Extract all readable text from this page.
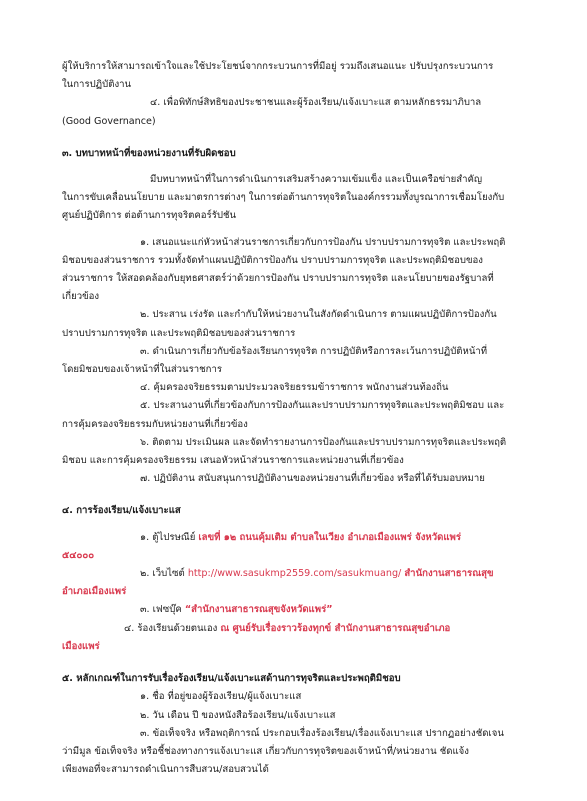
ผู้ให้บริการให้สามารถเข้าใจและใช้ประโยชน์จากกระบวนการที่มีอยู่ รวมถึงเสนอแนะ ปรับปรุงกระบวนการ

ในการปฏิบัติงาน

๔. เพื่อพิทักษ์สิทธิของประชาชนและผู้ร้องเรียน/แจ้งเบาะแส ตามหลักธรรมาภิบาล

(Good Governance)

๓. บทบาทหน้าที่ของหน่วยงานที่รับผิดชอบ

มีบทบาทหน้าที่ในการดำเนินการเสริมสร้างความเข้มแข็ง และเป็นเครือข่ายสำคัญ

ในการขับเคลื่อนนโยบาย และมาตรการต่างๆ ในการต่อต้านการทุจริตในองค์กรรวมทั้งบูรณาการเชื่อมโยงกับ

ศูนย์ปฏิบัติการ ต่อต้านการทุจริตคอร์รัปชัน

๑. เสนอแนะแก่หัวหน้าส่วนราชการเกี่ยวกับการป้องกัน ปราบปรามการทุจริต และประพฤติ

มิชอบของส่วนราชการ รวมทั้งจัดทำแผนปฏิบัติการป้องกัน ปราบปรามการทุจริต และประพฤติมิชอบของ

ส่วนราชการ ให้สอดคล้องกับยุทธศาสตร์ว่าด้วยการป้องกัน ปราบปรามการทุจริต และนโยบายของรัฐบาลที่

เกี่ยวข้อง

๒. ประสาน เร่งรัด และกำกับให้หน่วยงานในสังกัดดำเนินการ ตามแผนปฏิบัติการป้องกัน

ปราบปรามการทุจริต และประพฤติมิชอบของส่วนราชการ

๓. ดำเนินการเกี่ยวกับข้อร้องเรียนการทุจริต การปฏิบัติหรือการละเว้นการปฏิบัติหน้าที่

โดยมิชอบของเจ้าหน้าที่ในส่วนราชการ

๔. คุ้มครองจริยธรรมตามประมวลจริยธรรมข้าราชการ พนักงานส่วนท้องถิ่น

๕. ประสานงานที่เกี่ยวข้องกับการป้องกันและปราบปรามการทุจริตและประพฤติมิชอบ และ

การคุ้มครองจริยธรรมกับหน่วยงานที่เกี่ยวข้อง

๖. ติดตาม ประเมินผล และจัดทำรายงานการป้องกันและปราบปรามการทุจริตและประพฤติ

มิชอบ และการคุ้มครองจริยธรรม เสนอหัวหน้าส่วนราชการและหน่วยงานที่เกี่ยวข้อง

๗. ปฏิบัติงาน สนับสนุนการปฏิบัติงานของหน่วยงานที่เกี่ยวข้อง หรือที่ได้รับมอบหมาย

๔. การร้องเรียน/แจ้งเบาะแส

๑. ตู้ไปรษณีย์ เลขที่ ๑๒ ถนนคุ้มเติม ตำบลในเวียง อำเภอเมืองแพร่ จังหวัดแพร่

๕๔๐๐๐

๒. เว็บไซต์ http://www.sasukmp2559.com/sasukmuang/ สำนักงานสาธารณสุข

อำเภอเมืองแพร่

๓. เฟซบุ๊ค “สำนักงานสาธารณสุขจังหวัดแพร่”

๔. ร้องเรียนด้วยตนเอง ณ ศูนย์รับเรื่องราวร้องทุกข์ สำนักงานสาธารณสุขอำเภอ

เมืองแพร่

๕. หลักเกณฑ์ในการรับเรื่องร้องเรียน/แจ้งเบาะแสด้านการทุจริตและประพฤติมิชอบ

๑. ชื่อ ที่อยู่ของผู้ร้องเรียน/ผู้แจ้งเบาะแส

๒. วัน เดือน ปี ของหนังสือร้องเรียน/แจ้งเบาะแส

๓. ข้อเท็จจริง หรือพฤติการณ์ ประกอบเรื่องร้องเรียน/เรื่องแจ้งเบาะแส ปรากฏอย่างชัดเจน

ว่ามีมูล ข้อเท็จจริง หรือชี้ช่องทางการแจ้งเบาะแส เกี่ยวกับการทุจริตของเจ้าหน้าที่/หน่วยงาน ชัดแจ้ง

เพียงพอที่จะสามารถดำเนินการสืบสวน/สอบสวนได้
